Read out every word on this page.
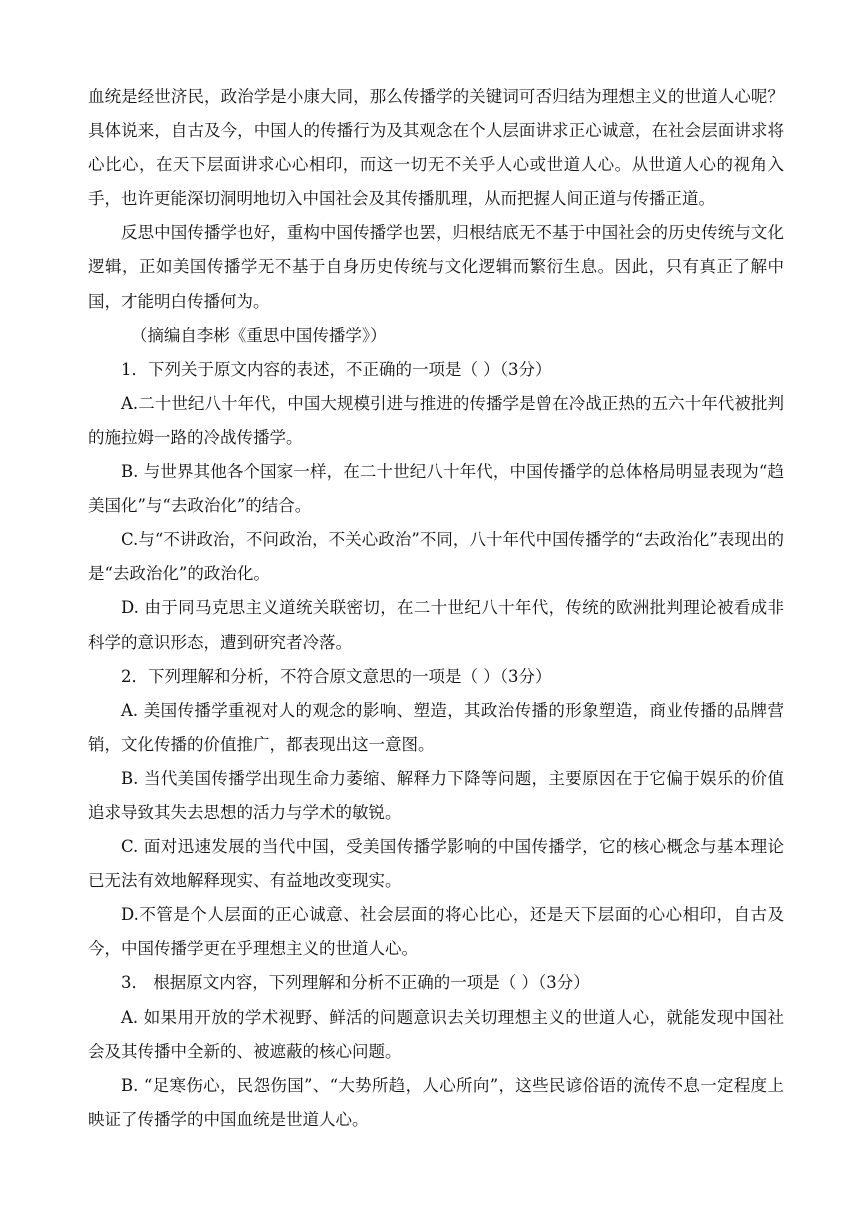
血统是经世济民，政治学是小康大同，那么传播学的关键词可否归结为理想主义的世道人心呢？具体说来，自古及今，中国人的传播行为及其观念在个人层面讲求正心诚意，在社会层面讲求将心比心，在天下层面讲求心心相印，而这一切无不关乎人心或世道人心。从世道人心的视角入手，也许更能深切洞明地切入中国社会及其传播肌理，从而把握人间正道与传播正道。

反思中国传播学也好，重构中国传播学也罢，归根结底无不基于中国社会的历史传统与文化逻辑，正如美国传播学无不基于自身历史传统与文化逻辑而繁衍生息。因此，只有真正了解中国，才能明白传播何为。

（摘编自李彬《重思中国传播学》）

1．下列关于原文内容的表述，不正确的一项是（ ）（3分）

A.二十世纪八十年代，中国大规模引进与推进的传播学是曾在冷战正热的五六十年代被批判的施拉姆一路的冷战传播学。

B. 与世界其他各个国家一样，在二十世纪八十年代，中国传播学的总体格局明显表现为“趋美国化”与“去政治化”的结合。

C.与“不讲政治，不问政治，不关心政治”不同，八十年代中国传播学的“去政治化”表现出的是“去政治化”的政治化。

D. 由于同马克思主义道统关联密切，在二十世纪八十年代，传统的欧洲批判理论被看成非科学的意识形态，遭到研究者冷落。

2．下列理解和分析，不符合原文意思的一项是（ ）（3分）

A. 美国传播学重视对人的观念的影响、塑造，其政治传播的形象塑造，商业传播的品牌营销，文化传播的价值推广，都表现出这一意图。

B. 当代美国传播学出现生命力萎缩、解释力下降等问题，主要原因在于它偏于娱乐的价值追求导致其失去思想的活力与学术的敏锐。

C. 面对迅速发展的当代中国，受美国传播学影响的中国传播学，它的核心概念与基本理论已无法有效地解释现实、有益地改变现实。

D.不管是个人层面的正心诚意、社会层面的将心比心，还是天下层面的心心相印，自古及今，中国传播学更在乎理想主义的世道人心。

3． 根据原文内容，下列理解和分析不正确的一项是（ ）（3分）

A. 如果用开放的学术视野、鲜活的问题意识去关切理想主义的世道人心，就能发现中国社会及其传播中全新的、被遮蔽的核心问题。

B. “足寒伤心，民怨伤国”、“大势所趋，人心所向”，这些民谚俗语的流传不息一定程度上映证了传播学的中国血统是世道人心。
